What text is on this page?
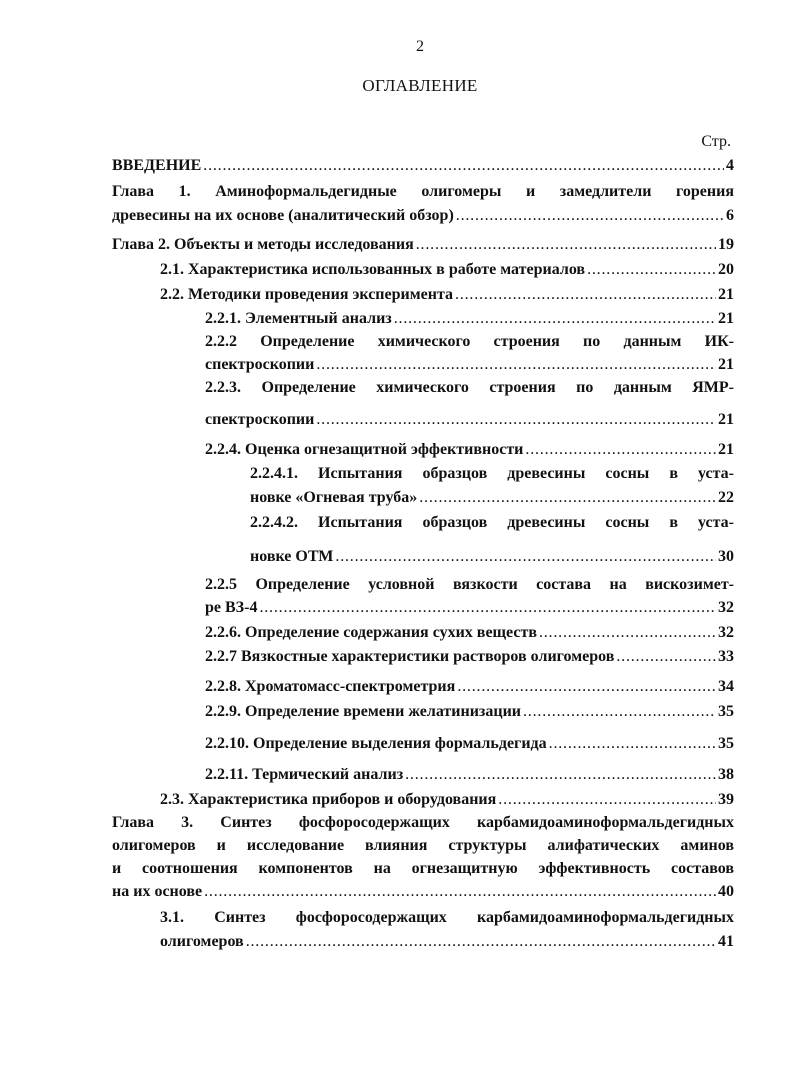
2
ОГЛАВЛЕНИЕ
Стр.
ВВЕДЕНИЕ . . .	4
Глава 1. Аминоформальдегидные олигомеры и замедлители горения
древесины на их основе (аналитический обзор) . . .	6
Глава 2. Объекты и методы исследования . . .	19
2.1. Характеристика использованных в работе материалов . . .	20
2.2. Методики проведения эксперимента . . .	21
2.2.1. Элементный анализ . . .	21
2.2.2 Определение химического строения по данным ИК-
спектроскопии . . .	21
2.2.3. Определение химического строения по данным ЯМР-
спектроскопии . . .	21
2.2.4. Оценка огнезащитной эффективности . . .	21
2.2.4.1. Испытания образцов древесины сосны в уста-
новке «Огневая труба» . . .	22
2.2.4.2. Испытания образцов древесины сосны в уста-
новке ОТМ . . .	30
2.2.5 Определение условной вязкости состава на вискозимет-
ре ВЗ-4 . . .	32
2.2.6. Определение содержания сухих веществ . . .	32
2.2.7 Вязкостные характеристики растворов олигомеров . . .	33
2.2.8. Хроматомасс-спектрометрия . . .	34
2.2.9. Определение времени желатинизации . . .	35
2.2.10. Определение выделения формальдегида . . .	35
2.2.11. Термический анализ . . .	38
2.3. Характеристика приборов и оборудования . . .	39
Глава 3. Синтез фосфоросодержащих карбамидоаминоформальдегидных
олигомеров и исследование влияния структуры алифатических аминов
и соотношения компонентов на огнезащитную эффективность составов
на их основе . . .	40
3.1. Синтез фосфоросодержащих карбамидоаминоформальдегидных
олигомеров . . .	41
